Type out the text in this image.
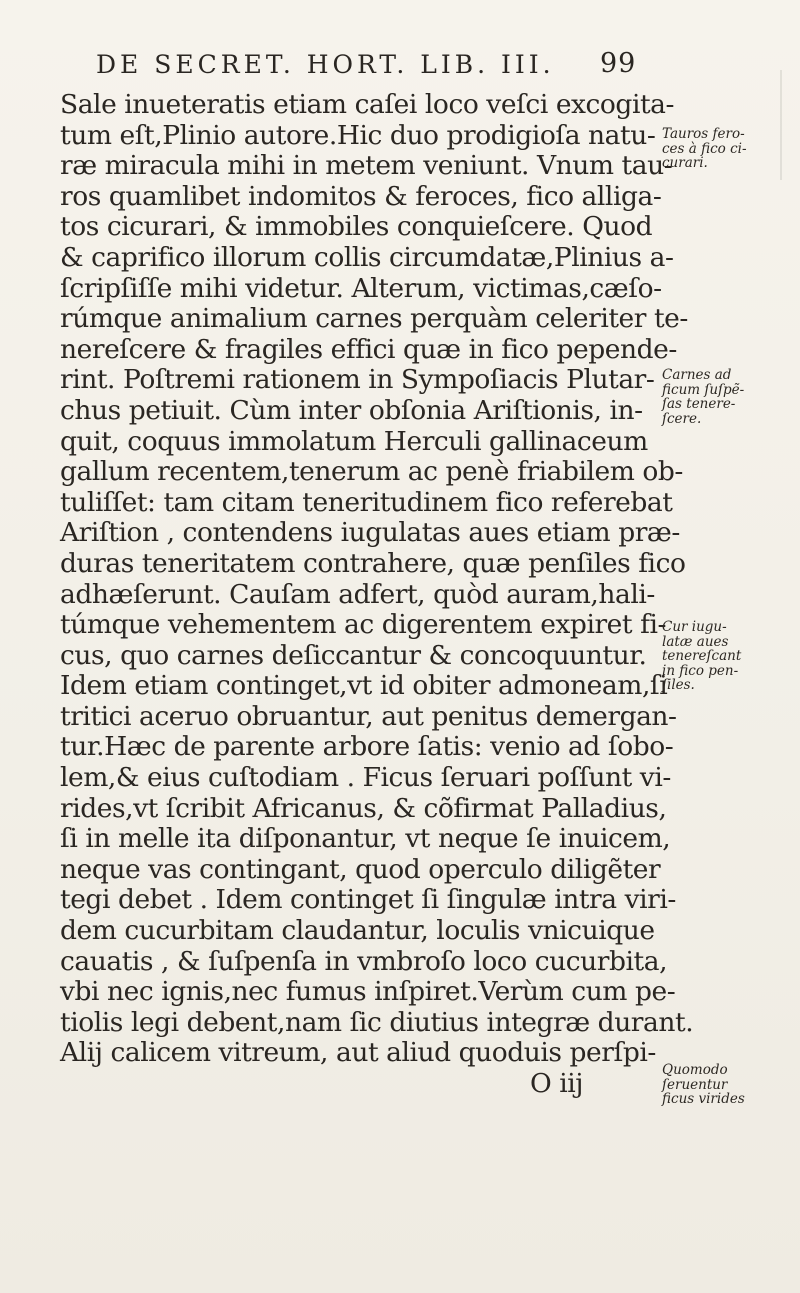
DE SECRET. HORT. LIB. III. 99
Sale inueteratis etiam caſei loco veſci excogita-
tum eſt,Plinio autore.Hic duo prodigioſa natu-
ræ miracula mihi in metem veniunt. Vnum tau-
ros quamlibet indomitos & feroces, fico alliga-
tos cicurari, & immobiles conquieſcere. Quod
& caprifico illorum collis circumdatæ,Plinius a-
ſcripſiſſe mihi videtur. Alterum, victimas,cæſo-
rúmque animalium carnes perquàm celeriter te-
nereſcere & fragiles effici quæ in fico pepende-
rint. Poſtremi rationem in Sympoſiacis Plutar-
chus petiuit. Cùm inter obſonia Ariſtionis, in-
quit, coquus immolatum Herculi gallinaceum
gallum recentem,tenerum ac penè friabilem ob-
tuliſſet: tam citam teneritudinem fico referebat
Ariſtion , contendens iugulatas aues etiam præ-
duras teneritatem contrahere, quæ penſiles fico
adhæſerunt. Cauſam adfert, quòd auram,hali-
túmque vehementem ac digerentem expiret fi-
cus, quo carnes deſiccantur & concoquuntur.
Idem etiam continget,vt id obiter admoneam,ſi
tritici aceruo obruantur, aut penitus demergan-
tur.Hæc de parente arbore ſatis: venio ad ſobo-
lem,& eius cuſtodiam . Ficus ſeruari poſſunt vi-
rides,vt ſcribit Africanus, & cõfirmat Palladius,
ſi in melle ita diſponantur, vt neque ſe inuicem,
neque vas contingant, quod operculo diligẽter
tegi debet . Idem continget ſi ſingulæ intra viri-
dem cucurbitam claudantur, loculis vnicuique
cauatis , & ſuſpenſa in vmbroſo loco cucurbita,
vbi nec ignis,nec fumus inſpiret.Verùm cum pe-
tiolis legi debent,nam ſic diutius integræ durant.
Alij calicem vitreum, aut aliud quoduis perſpi-
O iij
Tauros fero-
ces à fico ci-
curari.
Carnes ad
ficum ſuſpẽ-
ſas tenere-
ſcere.
Cur iugu-
latæ aues
tenereſcant
in fico pen-
ſiles.
Quomodo
ſeruentur
ficus virides
